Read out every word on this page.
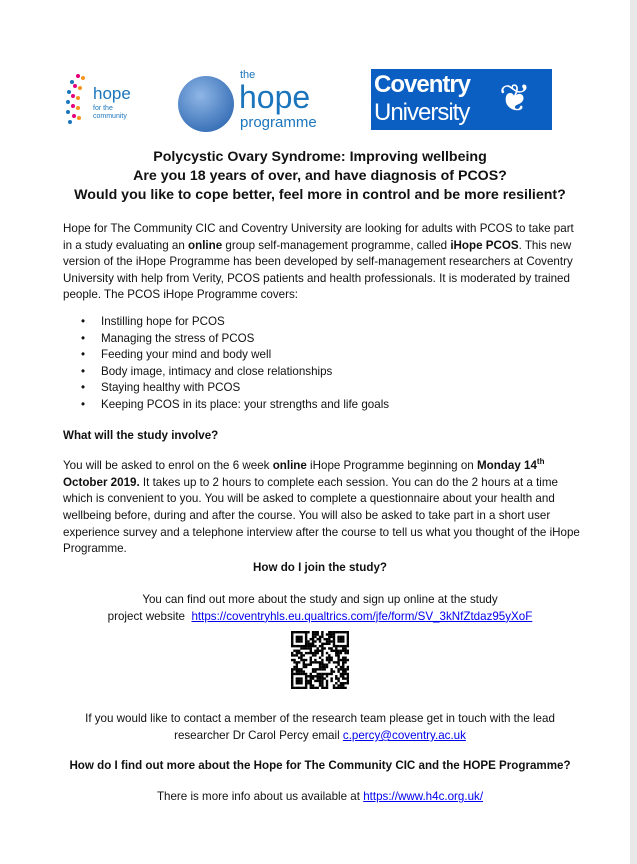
hope
for the community
the
hope
programme
Coventry
University ❦
Polycystic Ovary Syndrome: Improving wellbeing
Are you 18 years of over, and have diagnosis of PCOS?
Would you like to cope better, feel more in control and be more resilient?
Hope for The Community CIC and Coventry University are looking for adults with PCOS to take part in a study evaluating an online group self-management programme, called iHope PCOS. This new version of the iHope Programme has been developed by self-management researchers at Coventry University with help from Verity, PCOS patients and health professionals. It is moderated by trained people. The PCOS iHope Programme covers:
• Instilling hope for PCOS
• Managing the stress of PCOS
• Feeding your mind and body well
• Body image, intimacy and close relationships
• Staying healthy with PCOS
• Keeping PCOS in its place: your strengths and life goals
What will the study involve?
You will be asked to enrol on the 6 week online iHope Programme beginning on Monday 14th October 2019. It takes up to 2 hours to complete each session. You can do the 2 hours at a time which is convenient to you. You will be asked to complete a questionnaire about your health and wellbeing before, during and after the course. You will also be asked to take part in a short user experience survey and a telephone interview after the course to tell us what you thought of the iHope Programme.
How do I join the study?
You can find out more about the study and sign up online at the study
project website  https://coventryhls.eu.qualtrics.com/jfe/form/SV_3kNfZtdaz95yXoF
If you would like to contact a member of the research team please get in touch with the lead
researcher Dr Carol Percy email c.percy@coventry.ac.uk
How do I find out more about the Hope for The Community CIC and the HOPE Programme?
There is more info about us available at https://www.h4c.org.uk/
